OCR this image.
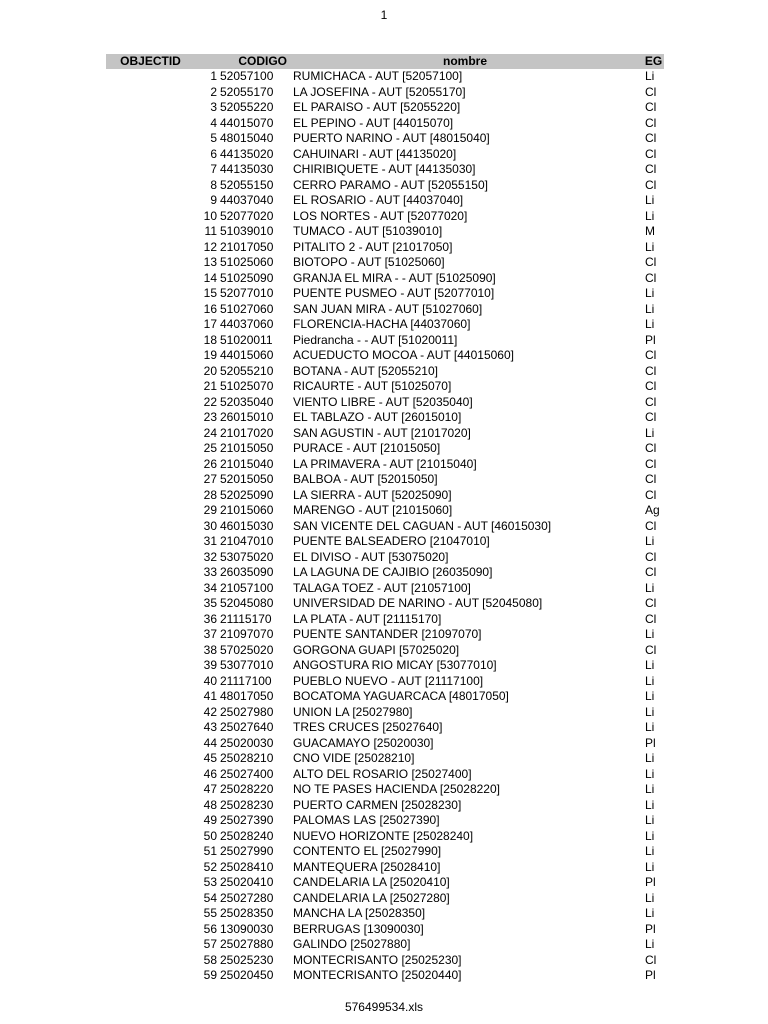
1
OBJECTID	CODIGO	nombre	EG
1 52057100	RUMICHACA - AUT [52057100]	Li
2 52055170	LA JOSEFINA - AUT [52055170]	Cl
3 52055220	EL PARAISO - AUT [52055220]	Cl
4 44015070	EL PEPINO - AUT [44015070]	Cl
5 48015040	PUERTO NARINO - AUT [48015040]	Cl
6 44135020	CAHUINARI - AUT [44135020]	Cl
7 44135030	CHIRIBIQUETE - AUT [44135030]	Cl
8 52055150	CERRO PARAMO - AUT [52055150]	Cl
9 44037040	EL ROSARIO - AUT [44037040]	Li
10 52077020	LOS NORTES - AUT [52077020]	Li
11 51039010	TUMACO - AUT [51039010]	M
12 21017050	PITALITO 2 - AUT [21017050]	Li
13 51025060	BIOTOPO - AUT [51025060]	Cl
14 51025090	GRANJA EL MIRA - - AUT [51025090]	Cl
15 52077010	PUENTE PUSMEO - AUT [52077010]	Li
16 51027060	SAN JUAN MIRA - AUT [51027060]	Li
17 44037060	FLORENCIA-HACHA [44037060]	Li
18 51020011	Piedrancha - - AUT [51020011]	Pl
19 44015060	ACUEDUCTO MOCOA - AUT [44015060]	Cl
20 52055210	BOTANA - AUT [52055210]	Cl
21 51025070	RICAURTE - AUT [51025070]	Cl
22 52035040	VIENTO LIBRE - AUT [52035040]	Cl
23 26015010	EL TABLAZO - AUT [26015010]	Cl
24 21017020	SAN AGUSTIN - AUT [21017020]	Li
25 21015050	PURACE - AUT [21015050]	Cl
26 21015040	LA PRIMAVERA - AUT [21015040]	Cl
27 52015050	BALBOA - AUT [52015050]	Cl
28 52025090	LA SIERRA - AUT [52025090]	Cl
29 21015060	MARENGO - AUT [21015060]	Ag
30 46015030	SAN VICENTE DEL CAGUAN - AUT [46015030]	Cl
31 21047010	PUENTE BALSEADERO [21047010]	Li
32 53075020	EL DIVISO - AUT [53075020]	Cl
33 26035090	LA LAGUNA DE CAJIBIO [26035090]	Cl
34 21057100	TALAGA TOEZ - AUT [21057100]	Li
35 52045080	UNIVERSIDAD DE NARINO - AUT [52045080]	Cl
36 21115170	LA PLATA - AUT [21115170]	Cl
37 21097070	PUENTE SANTANDER [21097070]	Li
38 57025020	GORGONA GUAPI [57025020]	Cl
39 53077010	ANGOSTURA RIO MICAY [53077010]	Li
40 21117100	PUEBLO NUEVO - AUT [21117100]	Li
41 48017050	BOCATOMA YAGUARCACA [48017050]	Li
42 25027980	UNION LA [25027980]	Li
43 25027640	TRES CRUCES [25027640]	Li
44 25020030	GUACAMAYO [25020030]	Pl
45 25028210	CNO VIDE [25028210]	Li
46 25027400	ALTO DEL ROSARIO [25027400]	Li
47 25028220	NO TE PASES HACIENDA [25028220]	Li
48 25028230	PUERTO CARMEN [25028230]	Li
49 25027390	PALOMAS LAS [25027390]	Li
50 25028240	NUEVO HORIZONTE [25028240]	Li
51 25027990	CONTENTO EL [25027990]	Li
52 25028410	MANTEQUERA [25028410]	Li
53 25020410	CANDELARIA LA [25020410]	Pl
54 25027280	CANDELARIA LA [25027280]	Li
55 25028350	MANCHA LA [25028350]	Li
56 13090030	BERRUGAS [13090030]	Pl
57 25027880	GALINDO [25027880]	Li
58 25025230	MONTECRISANTO [25025230]	Cl
59 25020450	MONTECRISANTO [25020440]	Pl
576499534.xls
